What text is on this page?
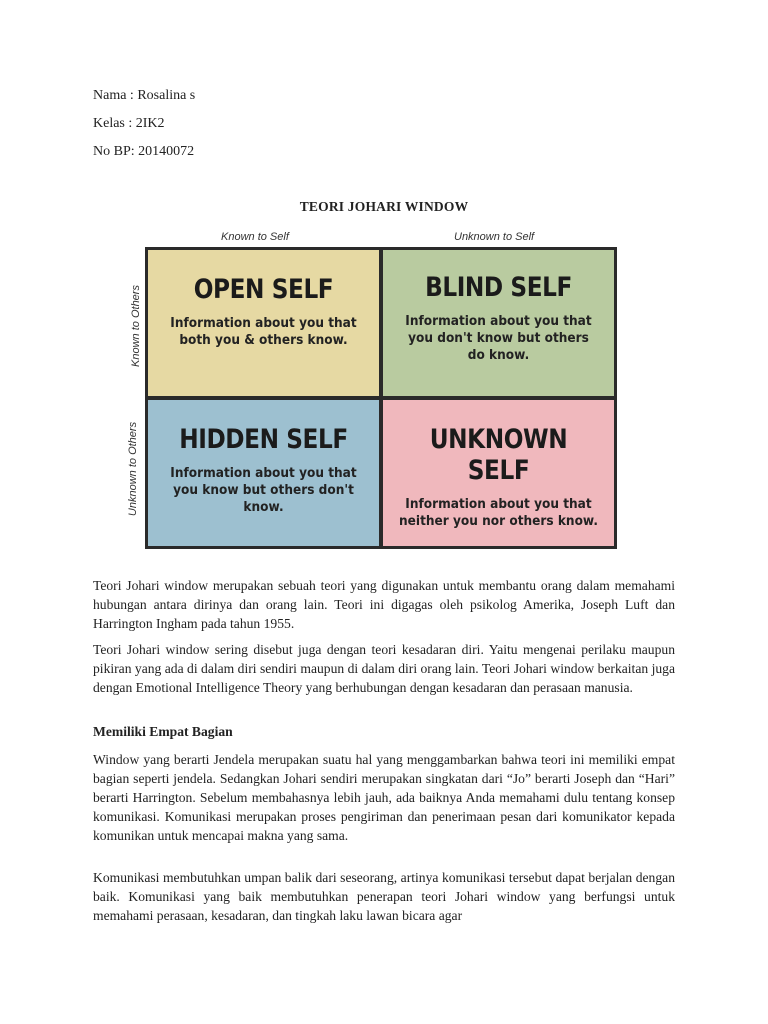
Nama : Rosalina s
Kelas : 2IK2
No BP: 20140072
TEORI JOHARI WINDOW
Known to Self	Unknown to Self
Known to Others
Unknown to Others
OPEN SELF
Information about you that
both you & others know.
BLIND SELF
Information about you that
you don't know but others
do know.
HIDDEN SELF
Information about you that
you know but others don't
know.
UNKNOWN SELF
Information about you that
neither you nor others know.
Teori Johari window merupakan sebuah teori yang digunakan untuk membantu orang dalam memahami hubungan antara dirinya dan orang lain. Teori ini digagas oleh psikolog Amerika, Joseph Luft dan Harrington Ingham pada tahun 1955.
Teori Johari window sering disebut juga dengan teori kesadaran diri. Yaitu mengenai perilaku maupun pikiran yang ada di dalam diri sendiri maupun di dalam diri orang lain. Teori Johari window berkaitan juga dengan Emotional Intelligence Theory yang berhubungan dengan kesadaran dan perasaan manusia.
Memiliki Empat Bagian
Window yang berarti Jendela merupakan suatu hal yang menggambarkan bahwa teori ini memiliki empat bagian seperti jendela. Sedangkan Johari sendiri merupakan singkatan dari “Jo” berarti Joseph dan “Hari” berarti Harrington. Sebelum membahasnya lebih jauh, ada baiknya Anda memahami dulu tentang konsep komunikasi. Komunikasi merupakan proses pengiriman dan penerimaan pesan dari komunikator kepada komunikan untuk mencapai makna yang sama.
Komunikasi membutuhkan umpan balik dari seseorang, artinya komunikasi tersebut dapat berjalan dengan baik. Komunikasi yang baik membutuhkan penerapan teori Johari window yang berfungsi untuk memahami perasaan, kesadaran, dan tingkah laku lawan bicara agar
